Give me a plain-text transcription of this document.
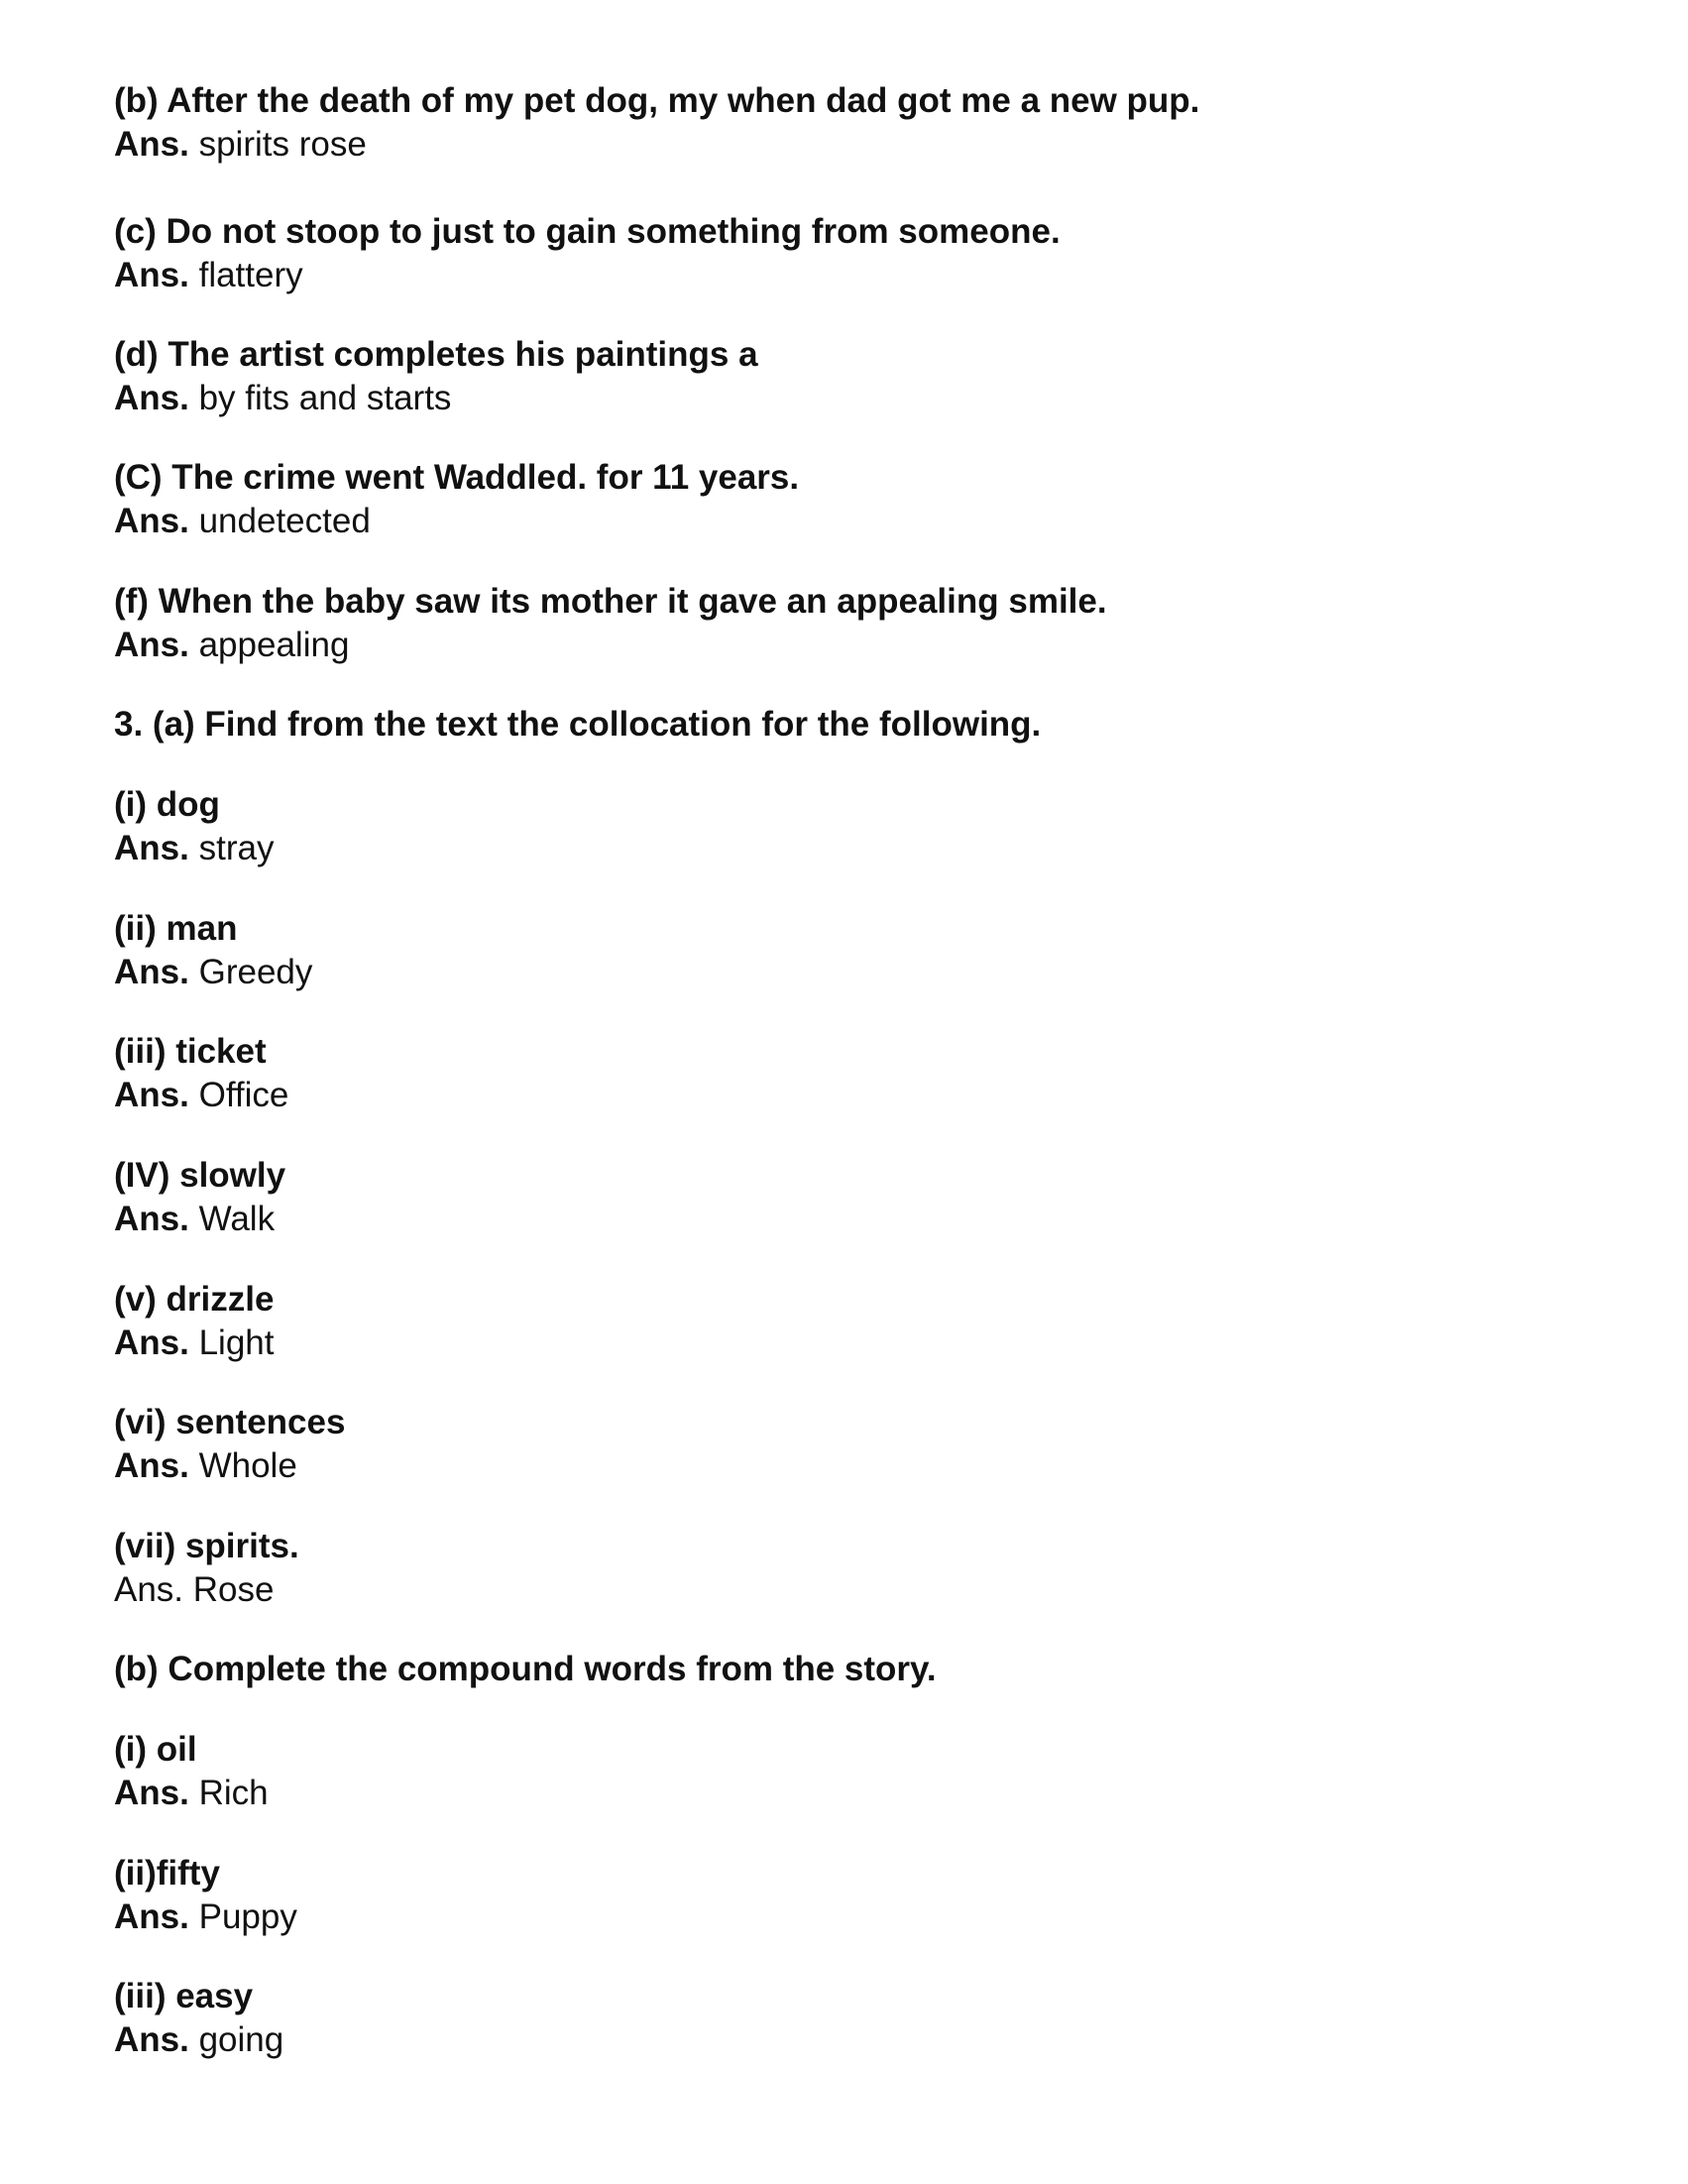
(b) After the death of my pet dog, my when dad got me a new pup.
Ans. spirits rose
(c) Do not stoop to just to gain something from someone.
Ans. flattery
(d) The artist completes his paintings a
Ans. by fits and starts
(C) The crime went Waddled. for 11 years.
Ans. undetected
(f) When the baby saw its mother it gave an appealing smile.
Ans. appealing
3. (a) Find from the text the collocation for the following.
(i) dog
Ans. stray
(ii) man
Ans. Greedy
(iii) ticket
Ans. Office
(IV) slowly
Ans. Walk
(v) drizzle
Ans. Light
(vi) sentences
Ans. Whole
(vii) spirits.
Ans. Rose
(b) Complete the compound words from the story.
(i) oil
Ans. Rich
(ii)fifty
Ans. Puppy
(iii) easy
Ans. going
